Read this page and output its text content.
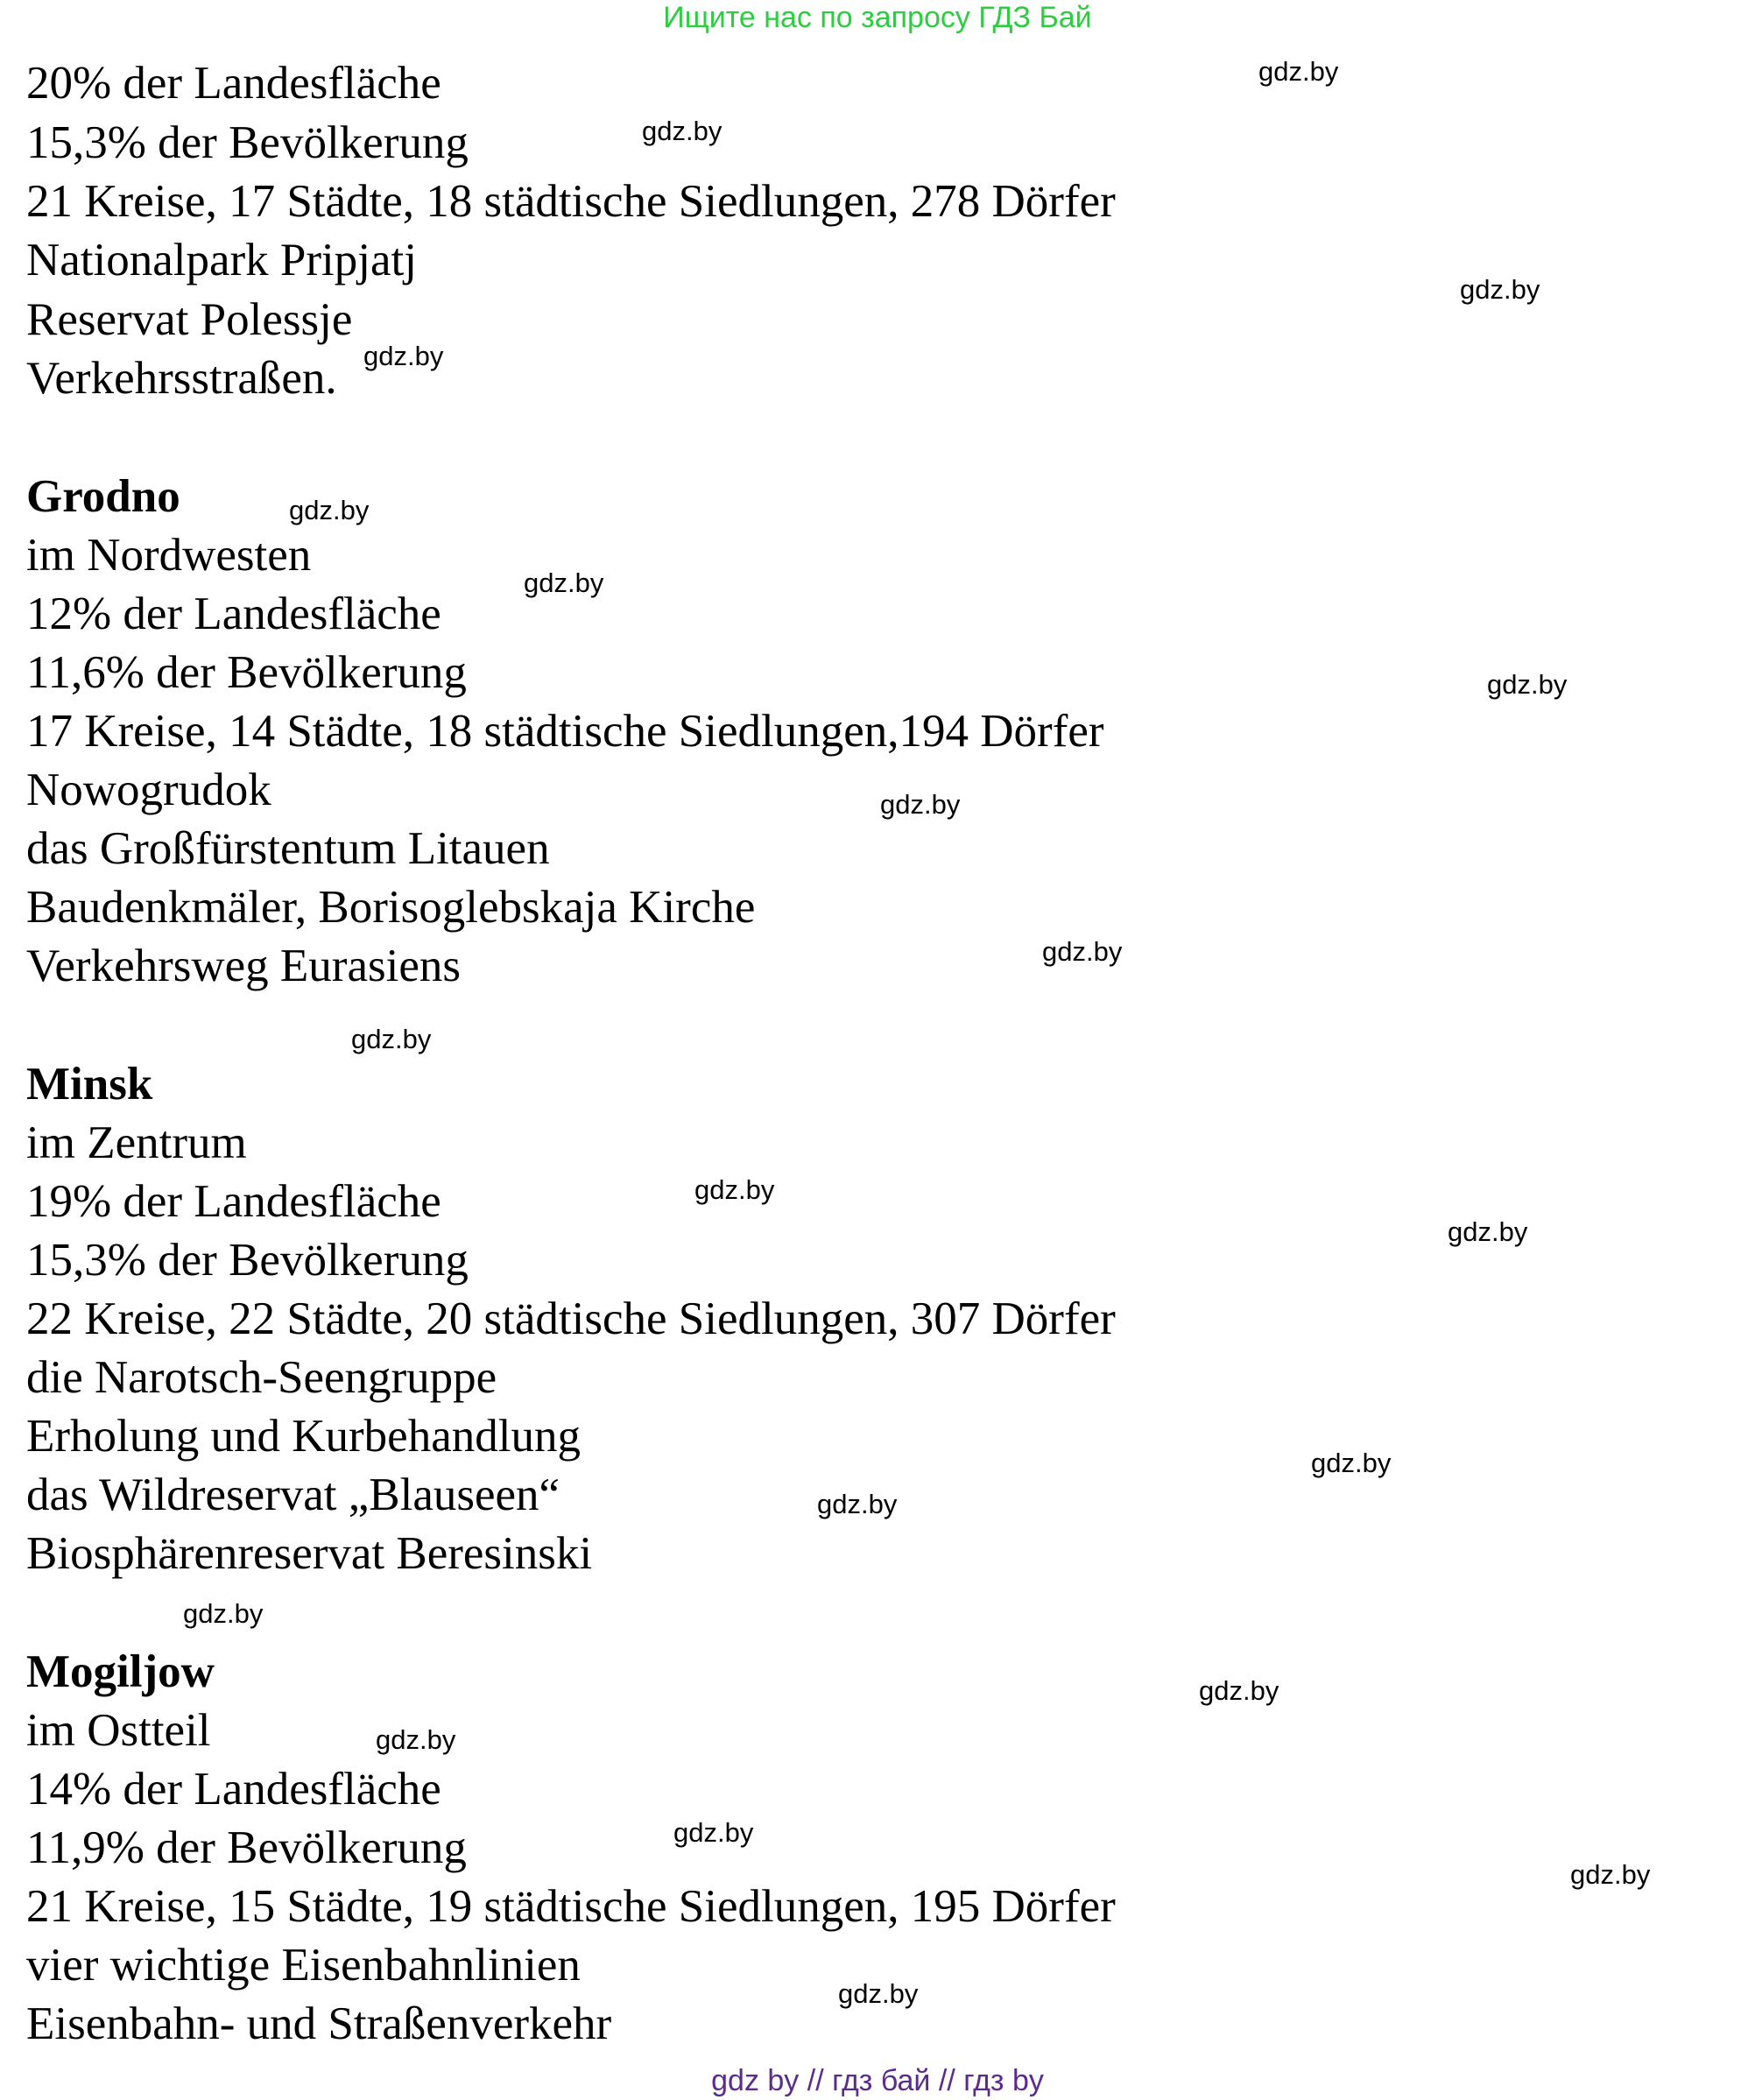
Ищите нас по запросу ГДЗ Бай
20% der Landesfläche
15,3% der Bevölkerung
21 Kreise, 17 Städte, 18 städtische Siedlungen, 278 Dörfer
Nationalpark Pripjatj
Reservat Polessje
Verkehrsstraßen.
Grodno
im Nordwesten
12% der Landesfläche
11,6% der Bevölkerung
17 Kreise, 14 Städte, 18 städtische Siedlungen,194 Dörfer
Nowogrudok
das Großfürstentum Litauen
Baudenkmäler, Borisoglebskaja Kirche
Verkehrsweg Eurasiens
Minsk
im Zentrum
19% der Landesfläche
15,3% der Bevölkerung
22 Kreise, 22 Städte, 20 städtische Siedlungen, 307 Dörfer
die Narotsch-Seengruppe
Erholung und Kurbehandlung
das Wildreservat „Blauseen“
Biosphärenreservat Beresinski
Mogiljow
im Ostteil
14% der Landesfläche
11,9% der Bevölkerung
21 Kreise, 15 Städte, 19 städtische Siedlungen, 195 Dörfer
vier wichtige Eisenbahnlinien
Eisenbahn- und Straßenverkehr
gdz.by
gdz.by
gdz.by
gdz.by
gdz.by
gdz.by
gdz.by
gdz.by
gdz.by
gdz.by
gdz.by
gdz.by
gdz.by
gdz.by
gdz.by
gdz.by
gdz.by
gdz.by
gdz.by
gdz.by
gdz by // гдз бай // гдз by
